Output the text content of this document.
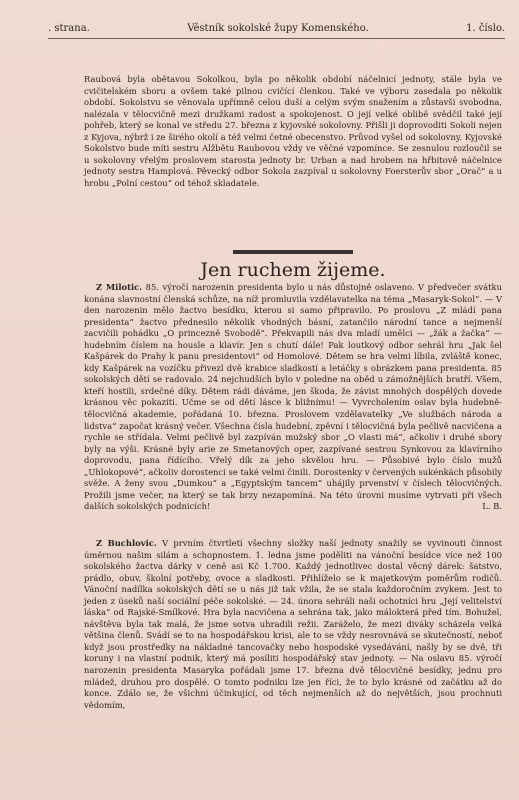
. strana.	Věstník sokolské župy Komenského.	1. číslo.
Raubová byla obětavou Sokolkou, byla po několik období náčelnicí jednoty, stále byla ve cvičitelském sboru a ovšem také pilnou cvičící členkou. Také ve výboru zasedala po několik období. Sokolstvu se věnovala upřímně celou duší a celým svým snažením a zůstavši svobodna, nalézala v tělocvičně mezi družkami radost a spokojenost. O její velké oblibě svědčil také její pohřeb, který se konal ve středu 27. března z kyjovské sokolovny. Přišli ji doprovoditi Sokoli nejen z Kyjova, nýbrž i ze širého okolí a též velmi četné obecenstvo. Průvod vyšel od sokolovny. Kyjovské Sokolstvo bude míti sestru Alžbětu Raubovou vždy ve věčné vzpomínce. Se zesnulou rozloučil se u sokolovny vřelým proslovem starosta jednoty br. Urban a nad hrobem na hřbitově náčelnice jednoty sestra Hamplová. Pěvecký odbor Sokola zazpíval u sokolovny Foersterův sbor „Orač“ a u hrobu „Polní cestou“ od téhož skladatele.
Jen ruchem žijeme.
Z Milotic. 85. výročí narozenin presidenta bylo u nás důstojně oslaveno. V předvečer svátku konána slavnostní členská schůze, na níž promluvila vzdělavatelka na téma „Masaryk-Sokol“. — V den narozenin mělo žactvo besídku, kterou si samo připravilo. Po proslovu „Z mládí pana presidenta“ žactvo přednesilo několik vhodných básní, zatančilo národní tance a nejmenší zacvičili pohádku „O princezně Svobodě“. Překvapili nás dva mladí umělci — „žák a žačka“ — hudebním číslem na housle a klavír. Jen s chutí dále! Pak loutkový odbor sehrál hru „Jak šel Kašpárek do Prahy k panu presidentovi“ od Homolové. Dětem se hra velmi líbila, zvláště konec, kdy Kašpárek na vozíčku přivezl dvě krabice sladkostí a letáčky s obrázkem pana presidenta. 85 sokolských dětí se radovalo. 24 nejchudších bylo v poledne na oběd u zámožnějších bratří. Všem, kteří hostili, srdečné díky. Dětem rádi dáváme, jen škoda, že závist mnohých dospělých dovede krásnou věc pokaziti. Učme se od dětí lásce k bližnímu! — Vyvrcholením oslav byla hudebně-tělocvičná akademie, pořádaná 10. března. Proslovem vzdělavatelky „Ve službách národa a lidstva“ započat krásný večer. Všechna čísla hudební, zpěvní i tělocvičná byla pečlivě nacvičena a rychle se střídala. Velmi pečlivě byl zazpíván mužský sbor „O vlasti má“, ačkoliv i druhé sbory byly na výši. Krásné byly arie ze Smetanových oper, zazpívané sestrou Synkovou za klavírního doprovodu, pana řídícího. Vřelý dík za jeho skvělou hru. — Působivé bylo číslo mužů „Uhlokopové“, ačkoliv dorostenci se také velmi činili. Dorostenky v červených sukénkách působily svěže. A ženy svou „Dumkou“ a „Egyptským tancem“ uhájily prvenství v číslech tělocvičných. Prožili jsme večer, na který se tak brzy nezapomíná. Na této úrovni musíme vytrvati při všech dalších sokolských podnicích!	L. B.
Z Buchlovic. V prvním čtvrtletí všechny složky naší jednoty snažily se vyvinouti činnost úměrnou našim silám a schopnostem. 1. ledna jsme poděliti na vánoční besídce více než 100 sokolského žactva dárky v ceně asi Kč 1.700. Každý jednotlivec dostal věcný dárek: šatstvo, prádlo, obuv, školní potřeby, ovoce a sladkosti. Přihlíželo se k majetkovým poměrům rodičů. Vánoční nadílka sokolských dětí se u nás již tak vžila, že se stala každoročním zvykem. Jest to jeden z úseků naší sociální péče sokolské. — 24. února sehráli naši ochotníci hru „Její velitelství láska“ od Rajské-Smílkové. Hra byla nacvičena a sehrána tak, jako málokterá před tím. Bohužel, návštěva byla tak malá, že jsme sotva uhradili režii. Zaráželo, že mezi diváky scházela velká většina členů. Svádí se to na hospodářskou krisi, ale to se vždy nesrovnává se skutečností, neboť když jsou prostředky na nákladné tancovačky nebo hospodské vysedávání, našly by se dvě, tři koruny i na vlastní podnik, který má posíliti hospodářský stav jednoty. — Na oslavu 85. výročí narozenin presidenta Masaryka pořádali jsme 17. března dvě tělocvičné besídky, jednu pro mládež, druhou pro dospělé. O tomto podniku lze jen říci, že to bylo krásné od začátku až do konce. Zdálo se, že všichni účinkující, od těch nejmenších až do největších, jsou prochnuti vědomím,
